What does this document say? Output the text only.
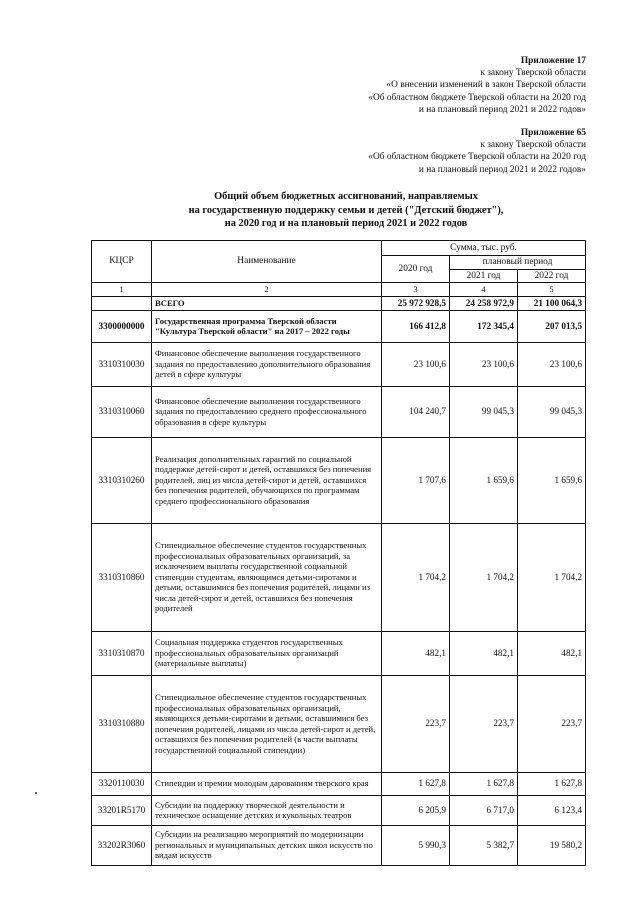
Приложение 17
к закону Тверской области
«О внесении изменений в закон Тверской области
«Об областном бюджете Тверской области на 2020 год
и на плановый период 2021 и 2022 годов»
Приложение 65
к закону Тверской области
«Об областном бюджете Тверской области на 2020 год
и на плановый период 2021 и 2022 годов»
Общий объем бюджетных ассигнований, направляемых
на государственную поддержку семьи и детей ("Детский бюджет"),
на 2020 год и на плановый период 2021 и 2022 годов
КЦСР	Наименование	Сумма, тыс. руб.		
		2020 год	плановый период	
			2021 год	2022 год
1	2	3	4	5
	ВСЕГО	25 972 928,5	24 258 972,9	21 100 064,3
3300000000	Государственная программа Тверской области "Культура Тверской области" на 2017 – 2022 годы	166 412,8	172 345,4	207 013,5
3310310030	Финансовое обеспечение выполнения государственного задания по предоставлению дополнительного образования детей в сфере культуры	23 100,6	23 100,6	23 100,6
3310310060	Финансовое обеспечение выполнения государственного задания по предоставлению среднего профессионального образования в сфере культуры	104 240,7	99 045,3	99 045,3
3310310260	Реализация дополнительных гарантий по социальной поддержке детей-сирот и детей, оставшихся без попечения родителей, лиц из числа детей-сирот и детей, оставшихся без попечения родителей, обучающихся по программам среднего профессионального образования	1 707,6	1 659,6	1 659,6
3310310860	Стипендиальное обеспечение студентов государственных профессиональных образовательных организаций, за исключением выплаты государственной социальной стипендии студентам, являющимся детьми-сиротами и детьми, оставшимися без попечения родителей, лицами из числа детей-сирот и детей, оставшихся без попечения родителей	1 704,2	1 704,2	1 704,2
3310310870	Социальная поддержка студентов государственных профессиональных образовательных организаций (материальные выплаты)	482,1	482,1	482,1
3310310880	Стипендиальное обеспечение студентов государственных профессиональных образовательных организаций, являющихся детьми-сиротами и детьми, оставшимися без попечения родителей, лицами из числа детей-сирот и детей, оставшихся без попечения родителей (в части выплаты государственной социальной стипендии)	223,7	223,7	223,7
3320110030	Стипендии и премии молодым дарованиям тверского края	1 627,8	1 627,8	1 627,8
33201R5170	Субсидии на поддержку творческой деятельности и техническое оснащение детских и кукольных театров	6 205,9	6 717,0	6 123,4
33202R3060	Субсидии на реализацию мероприятий по модернизации региональных и муниципальных детских школ искусств по видам искусств	5 990,3	5 382,7	19 580,2
